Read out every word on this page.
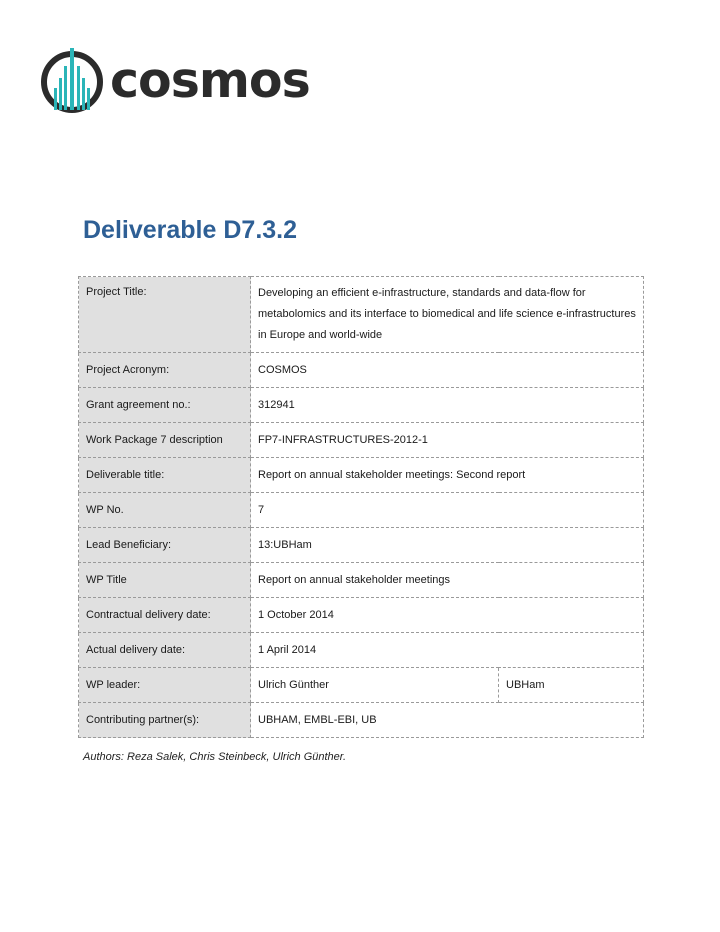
cosmos
Deliverable D7.3.2
Project Title:	Developing an efficient e-infrastructure, standards and data-flow for metabolomics and its interface to biomedical and life science e-infrastructures in Europe and world-wide	
Project Acronym:	COSMOS	
Grant agreement no.:	312941	
Work Package 7 description	FP7-INFRASTRUCTURES-2012-1	
Deliverable title:	Report on annual stakeholder meetings: Second report	
WP No.	7	
Lead Beneficiary:	13:UBHam	
WP Title	Report on annual stakeholder meetings	
Contractual delivery date:	1 October 2014	
Actual delivery date:	1 April 2014	
WP leader:	Ulrich Günther	UBHam
Contributing partner(s):	UBHAM, EMBL-EBI, UB	

Authors: Reza Salek, Chris Steinbeck, Ulrich Günther.
